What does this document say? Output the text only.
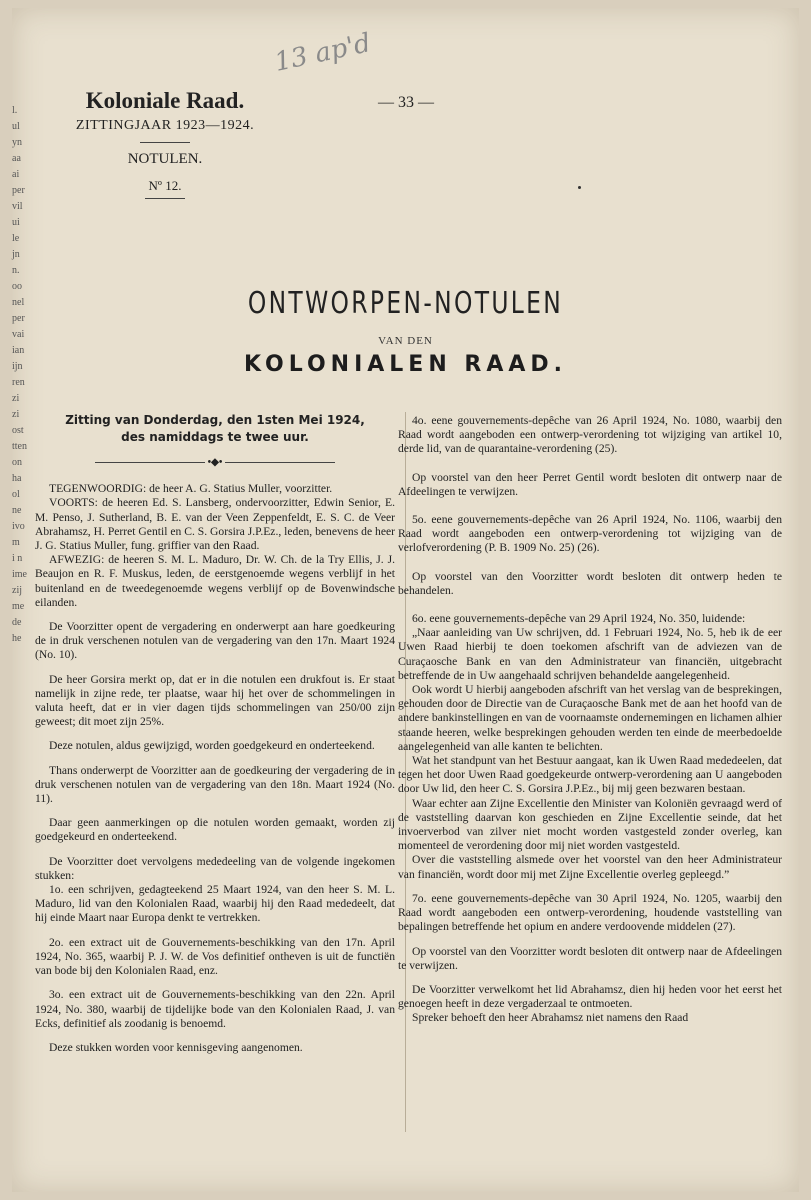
l. ul yn aa ai per vil ui le jn n. oo nel per vai ian ijn ren zi zi ost tten on ha ol ne ivo m i n ime zij me de he
13 ap'd
Koloniale Raad.
ZITTINGJAAR 1923—1924.
NOTULEN.
Nº 12.
— 33 —
ONTWORPEN-NOTULEN
VAN DEN
KOLONIALEN RAAD.
Zitting van Donderdag, den 1sten Mei 1924,
des namiddags te twee uur.
•◆•

TEGENWOORDIG: de heer A. G. Statius Muller, voorzitter.

VOORTS: de heeren Ed. S. Lansberg, ondervoorzitter, Edwin Senior, E. M. Penso, J. Sutherland, B. E. van der Veen Zeppenfeldt, E. S. C. de Veer Abrahamsz, H. Perret Gentil en C. S. Gorsira J.P.Ez., leden, benevens de heer J. G. Statius Muller, fung. griffier van den Raad.

AFWEZIG: de heeren S. M. L. Maduro, Dr. W. Ch. de la Try Ellis, J. J. Beaujon en R. F. Muskus, leden, de eerstgenoemde wegens verblijf in het buitenland en de tweedegenoemde wegens verblijf op de Bovenwindsche eilanden.

De Voorzitter opent de vergadering en onderwerpt aan hare goedkeuring de in druk verschenen notulen van de vergadering van den 17n. Maart 1924 (No. 10).

De heer Gorsira merkt op, dat er in die notulen een drukfout is. Er staat namelijk in zijne rede, ter plaatse, waar hij het over de schommelingen in valuta heeft, dat er in vier dagen tijds schommelingen van 250/00 zijn geweest; dit moet zijn 25%.

Deze notulen, aldus gewijzigd, worden goedgekeurd en onderteekend.

Thans onderwerpt de Voorzitter aan de goedkeuring der vergadering de in druk verschenen notulen van de vergadering van den 18n. Maart 1924 (No. 11).

Daar geen aanmerkingen op die notulen worden gemaakt, worden zij goedgekeurd en onderteekend.

De Voorzitter doet vervolgens mededeeling van de volgende ingekomen stukken:

1o. een schrijven, gedagteekend 25 Maart 1924, van den heer S. M. L. Maduro, lid van den Kolonialen Raad, waarbij hij den Raad mededeelt, dat hij einde Maart naar Europa denkt te vertrekken.

2o. een extract uit de Gouvernements-beschikking van den 17n. April 1924, No. 365, waarbij P. J. W. de Vos definitief ontheven is uit de functiën van bode bij den Kolonialen Raad, enz.

3o. een extract uit de Gouvernements-beschikking van den 22n. April 1924, No. 380, waarbij de tijdelijke bode van den Kolonialen Raad, J. van Ecks, definitief als zoodanig is benoemd.

Deze stukken worden voor kennisgeving aangenomen.

4o. eene gouvernements-depêche van 26 April 1924, No. 1080, waarbij den Raad wordt aangeboden een ontwerp-verordening tot wijziging van artikel 10, derde lid, van de quarantaine-verordening (25).

Op voorstel van den heer Perret Gentil wordt besloten dit ontwerp naar de Afdeelingen te verwijzen.

5o. eene gouvernements-depêche van 26 April 1924, No. 1106, waarbij den Raad wordt aangeboden een ontwerp-verordening tot wijziging van de verlofverordening (P. B. 1909 No. 25) (26).

Op voorstel van den Voorzitter wordt besloten dit ontwerp heden te behandelen.

6o. eene gouvernements-depêche van 29 April 1924, No. 350, luidende:

„Naar aanleiding van Uw schrijven, dd. 1 Februari 1924, No. 5, heb ik de eer Uwen Raad hierbij te doen toekomen afschrift van de adviezen van de Curaçaosche Bank en van den Administrateur van financiën, uitgebracht betreffende de in Uw aangehaald schrijven behandelde aangelegenheid.

Ook wordt U hierbij aangeboden afschrift van het verslag van de besprekingen, gehouden door de Directie van de Curaçaosche Bank met de aan het hoofd van de andere bankinstellingen en van de voornaamste ondernemingen en lichamen alhier staande heeren, welke besprekingen gehouden werden ten einde de meerbedoelde aangelegenheid van alle kanten te belichten.

Wat het standpunt van het Bestuur aangaat, kan ik Uwen Raad mededeelen, dat tegen het door Uwen Raad goedgekeurde ontwerp-verordening aan U aangeboden door Uw lid, den heer C. S. Gorsira J.P.Ez., bij mij geen bezwaren bestaan.

Waar echter aan Zijne Excellentie den Minister van Koloniën gevraagd werd of de vaststelling daarvan kon geschieden en Zijne Excellentie seinde, dat het invoerverbod van zilver niet mocht worden vastgesteld zonder overleg, kan momenteel de verordening door mij niet worden vastgesteld.

Over die vaststelling alsmede over het voorstel van den heer Administrateur van financiën, wordt door mij met Zijne Excellentie overleg gepleegd.”

7o. eene gouvernements-depêche van 30 April 1924, No. 1205, waarbij den Raad wordt aangeboden een ontwerp-verordening, houdende vaststelling van bepalingen betreffende het opium en andere verdoovende middelen (27).

Op voorstel van den Voorzitter wordt besloten dit ontwerp naar de Afdeelingen te verwijzen.

De Voorzitter verwelkomt het lid Abrahamsz, dien hij heden voor het eerst het genoegen heeft in deze vergaderzaal te ontmoeten.

Spreker behoeft den heer Abrahamsz niet namens den Raad
